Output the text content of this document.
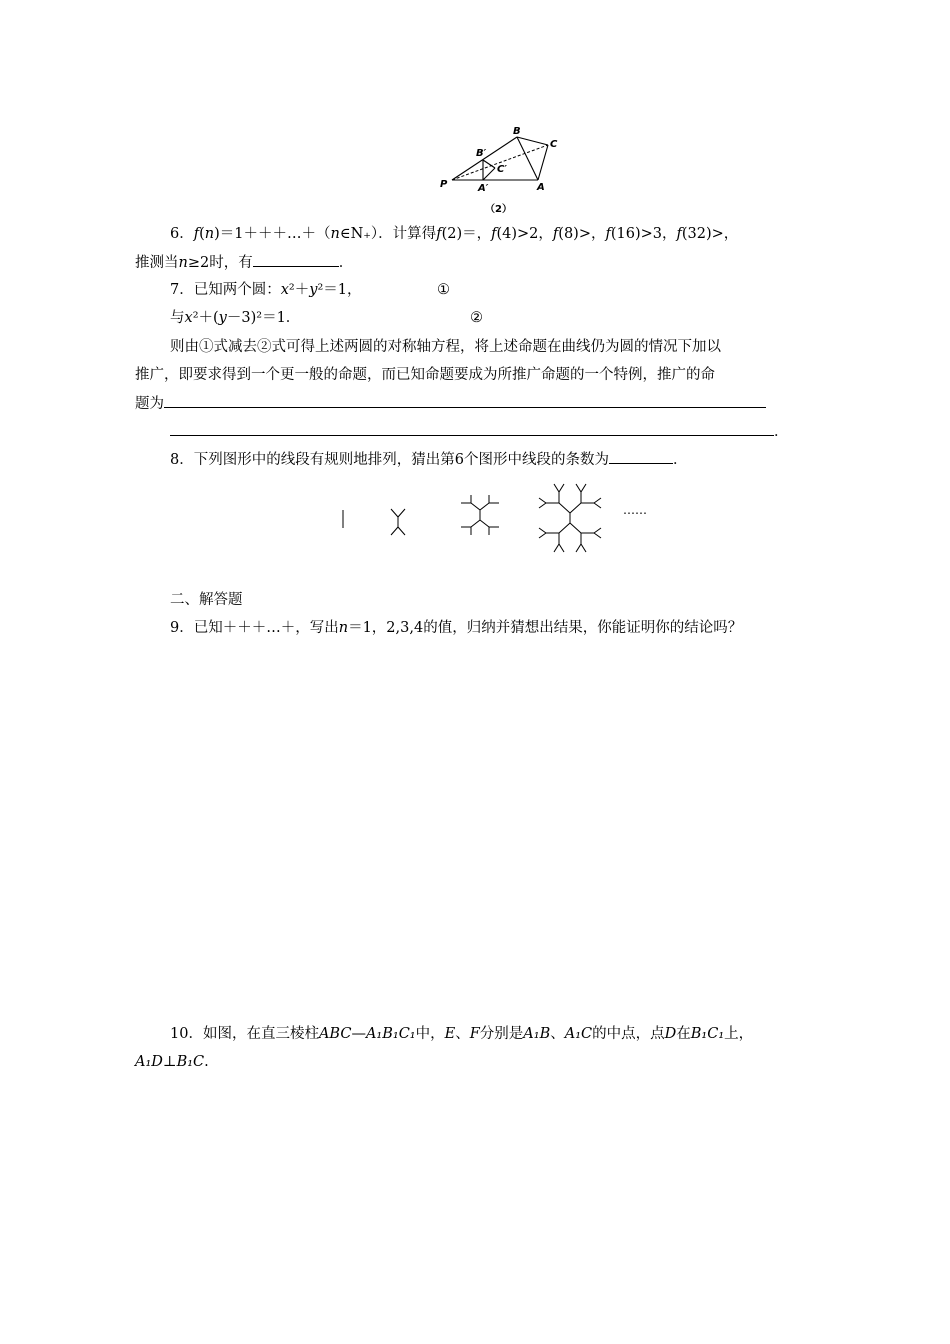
B
C
B′
C′
P	A′	A
（2）
6．f(n)＝1＋＋＋…＋（n∈N₊）．计算得f(2)＝，f(4)>2，f(8)>，f(16)>3，f(32)>，
推测当n≥2时，有	．
7．已知两个圆：x²＋y²＝1，	①
与x²＋(y－3)²＝1．	②
则由①式减去②式可得上述两圆的对称轴方程，将上述命题在曲线仍为圆的情况下加以
推广，即要求得到一个更一般的命题，而已知命题要成为所推广命题的一个特例，推广的命
题为
．
8．下列图形中的线段有规则地排列，猜出第6个图形中线段的条数为	．
……
二、解答题
9．已知＋＋＋…＋，写出n＝1，2,3,4的值，归纳并猜想出结果，你能证明你的结论吗？
10．如图，在直三棱柱ABC—A₁B₁C₁中，E、F分别是A₁B、A₁C的中点，点D在B₁C₁上，
A₁D⊥B₁C.
